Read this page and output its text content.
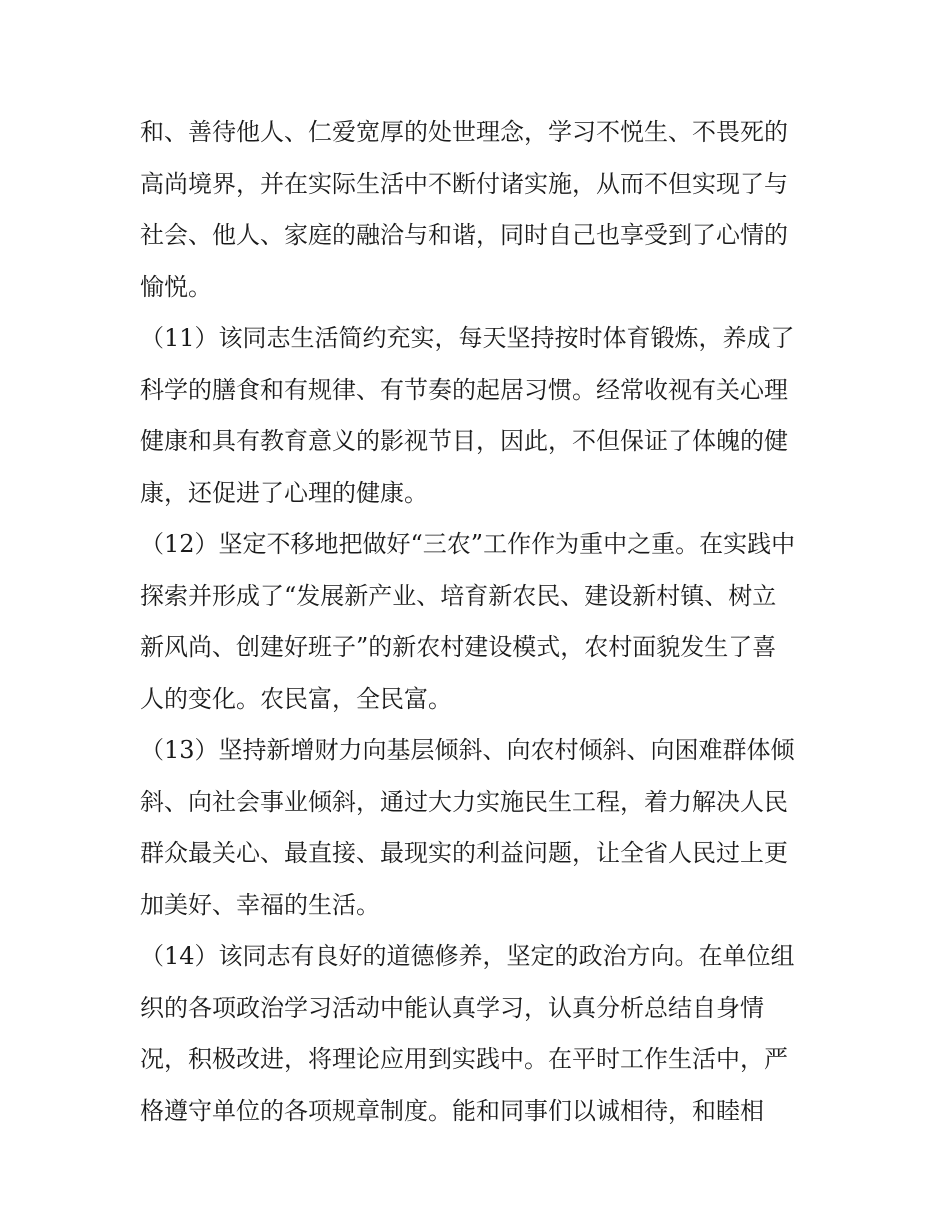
和、善待他人、仁爱宽厚的处世理念，学习不悦生、不畏死的
高尚境界，并在实际生活中不断付诸实施，从而不但实现了与
社会、他人、家庭的融洽与和谐，同时自己也享受到了心情的
愉悦。
（11）该同志生活简约充实，每天坚持按时体育锻炼，养成了
科学的膳食和有规律、有节奏的起居习惯。经常收视有关心理
健康和具有教育意义的影视节目，因此，不但保证了体魄的健
康，还促进了心理的健康。
（12）坚定不移地把做好“三农”工作作为重中之重。在实践中
探索并形成了“发展新产业、培育新农民、建设新村镇、树立
新风尚、创建好班子”的新农村建设模式，农村面貌发生了喜
人的变化。农民富，全民富。
（13）坚持新增财力向基层倾斜、向农村倾斜、向困难群体倾
斜、向社会事业倾斜，通过大力实施民生工程，着力解决人民
群众最关心、最直接、最现实的利益问题，让全省人民过上更
加美好、幸福的生活。
（14）该同志有良好的道德修养，坚定的政治方向。在单位组
织的各项政治学习活动中能认真学习，认真分析总结自身情
况，积极改进，将理论应用到实践中。在平时工作生活中，严
格遵守单位的各项规章制度。能和同事们以诚相待，和睦相
